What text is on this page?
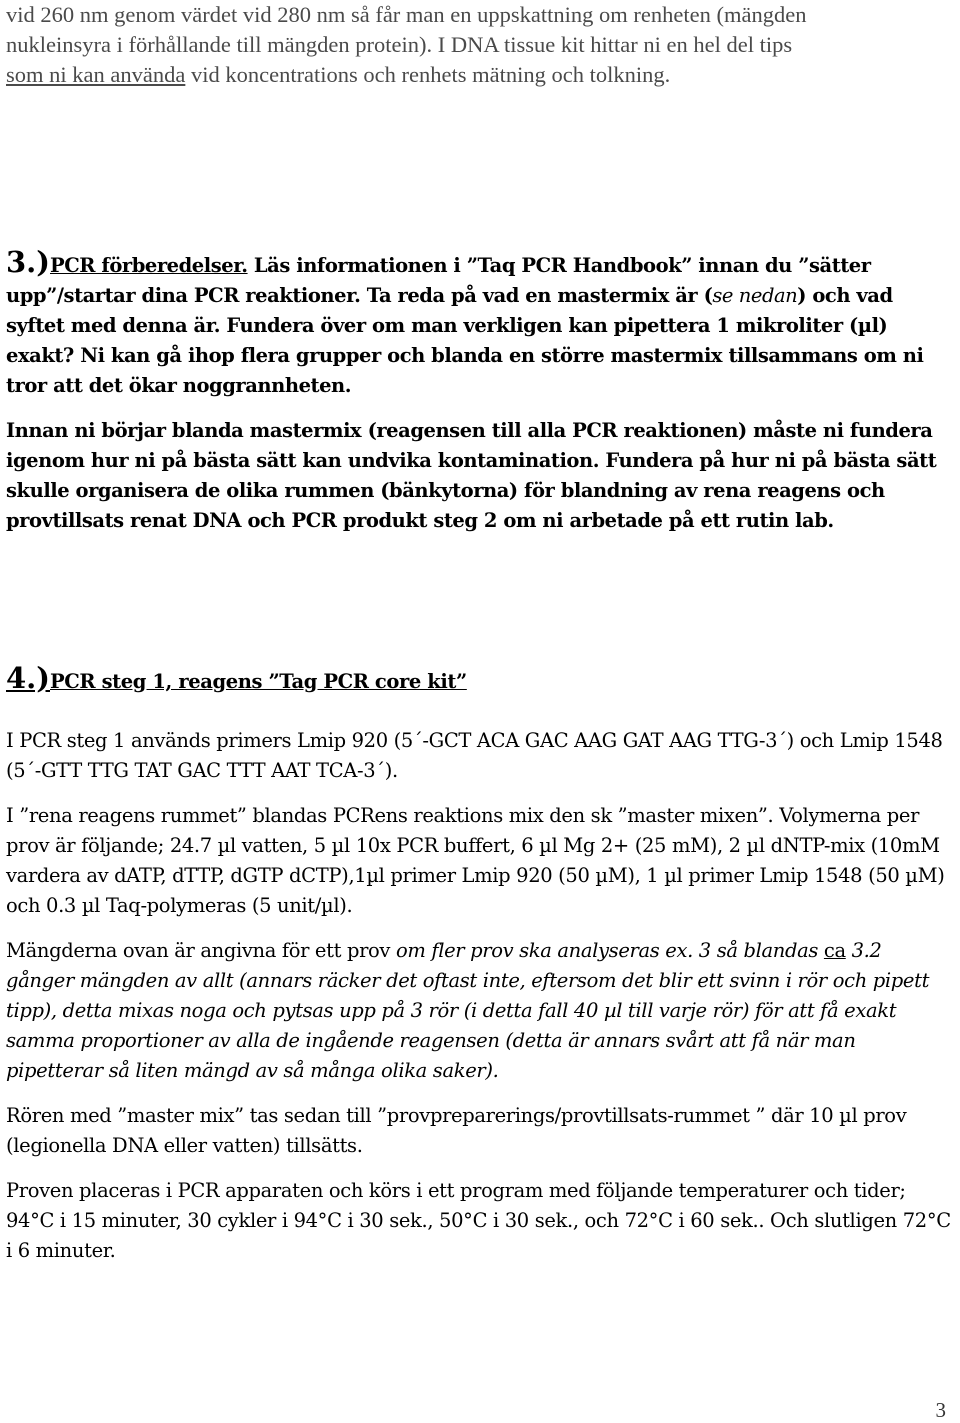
vid 260 nm genom värdet vid 280 nm så får man en uppskattning om renheten (mängden
nukleinsyra i förhållande till mängden protein). I DNA tissue kit hittar ni en hel del tips
som ni kan använda vid koncentrations och renhets mätning och tolkning.

3.)PCR förberedelser. Läs informationen i ”Taq PCR Handbook” innan du ”sätter upp”/startar dina PCR reaktioner. Ta reda på vad en mastermix är (se nedan) och vad syftet med denna är. Fundera över om man verkligen kan pipettera 1 mikroliter (µl) exakt? Ni kan gå ihop flera grupper och blanda en större mastermix tillsammans om ni tror att det ökar noggrannheten.

Innan ni börjar blanda mastermix (reagensen till alla PCR reaktionen) måste ni fundera igenom hur ni på bästa sätt kan undvika kontamination. Fundera på hur ni på bästa sätt skulle organisera de olika rummen (bänkytorna) för blandning av rena reagens och provtillsats renat DNA och PCR produkt steg 2 om ni arbetade på ett rutin lab.

4.)PCR steg 1, reagens ”Tag PCR core kit”

I PCR steg 1 används primers Lmip 920 (5´-GCT ACA GAC AAG GAT AAG TTG-3´) och Lmip 1548 (5´-GTT TTG TAT GAC TTT AAT TCA-3´).

I ”rena reagens rummet” blandas PCRens reaktions mix den sk ”master mixen”. Volymerna per prov är följande; 24.7 µl vatten, 5 µl 10x PCR buffert, 6 µl Mg 2+ (25 mM), 2 µl dNTP-mix (10mM vardera av dATP, dTTP, dGTP dCTP),1µl primer Lmip 920 (50 µM), 1 µl primer Lmip 1548 (50 µM) och 0.3 µl Taq-polymeras (5 unit/µl).

Mängderna ovan är angivna för ett prov om fler prov ska analyseras ex. 3 så blandas ca 3.2 gånger mängden av allt (annars räcker det oftast inte, eftersom det blir ett svinn i rör och pipett tipp), detta mixas noga och pytsas upp på 3 rör (i detta fall 40 µl till varje rör) för att få exakt samma proportioner av alla de ingående reagensen (detta är annars svårt att få när man pipetterar så liten mängd av så många olika saker).

Rören med ”master mix” tas sedan till ”provpreparerings/provtillsats-rummet ” där 10 µl prov (legionella DNA eller vatten) tillsätts.

Proven placeras i PCR apparaten och körs i ett program med följande temperaturer och tider; 94°C i 15 minuter, 30 cykler i 94°C i 30 sek., 50°C i 30 sek., och 72°C i 60 sek.. Och slutligen 72°C i 6 minuter.

3
